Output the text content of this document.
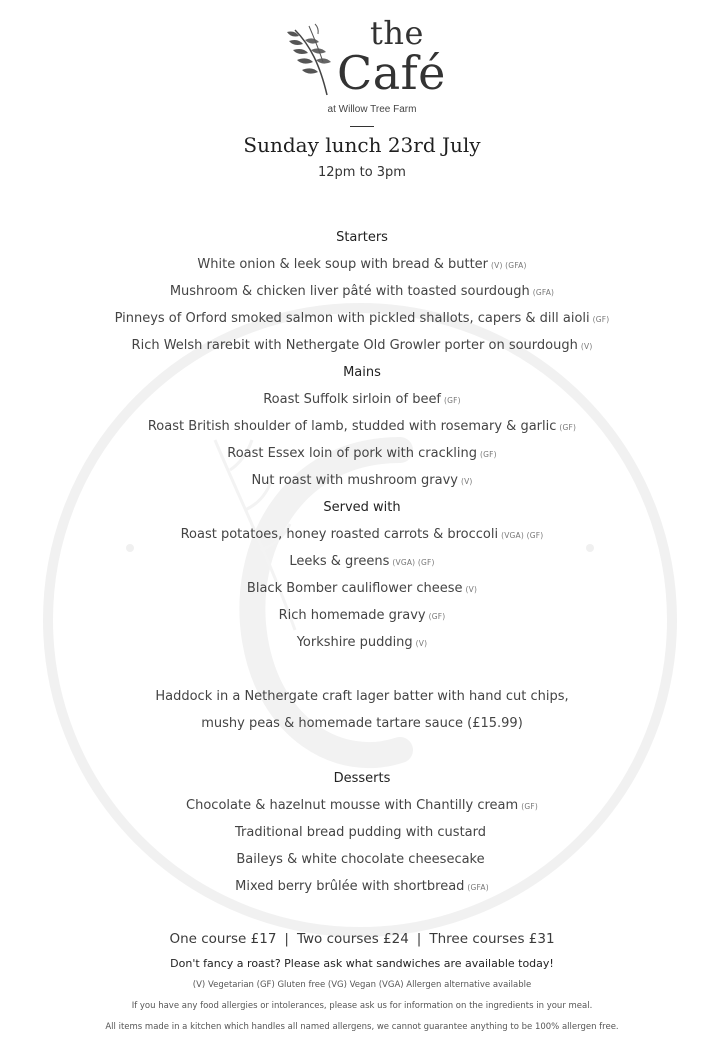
the
Café
at Willow Tree Farm
Sunday lunch 23rd July
12pm to 3pm
Starters
White onion & leek soup with bread & butter (V) (GFA)
Mushroom & chicken liver pâté with toasted sourdough (GFA)
Pinneys of Orford smoked salmon with pickled shallots, capers & dill aioli (GF)
Rich Welsh rarebit with Nethergate Old Growler porter on sourdough (V)
Mains
Roast Suffolk sirloin of beef (GF)
Roast British shoulder of lamb, studded with rosemary & garlic (GF)
Roast Essex loin of pork with crackling (GF)
Nut roast with mushroom gravy (V)
Served with
Roast potatoes, honey roasted carrots & broccoli (VGA) (GF)
Leeks & greens (VGA) (GF)
Black Bomber cauliflower cheese (V)
Rich homemade gravy (GF)
Yorkshire pudding (V)
Haddock in a Nethergate craft lager batter with hand cut chips,
mushy peas & homemade tartare sauce (£15.99)
Desserts
Chocolate & hazelnut mousse with Chantilly cream (GF)
Traditional bread pudding with custard
Baileys & white chocolate cheesecake
Mixed berry brûlée with shortbread (GFA)
One course £17 | Two courses £24 | Three courses £31
Don't fancy a roast? Please ask what sandwiches are available today!
(V) Vegetarian (GF) Gluten free (VG) Vegan (VGA) Allergen alternative available
If you have any food allergies or intolerances, please ask us for information on the ingredients in your meal.
All items made in a kitchen which handles all named allergens, we cannot guarantee anything to be 100% allergen free.
